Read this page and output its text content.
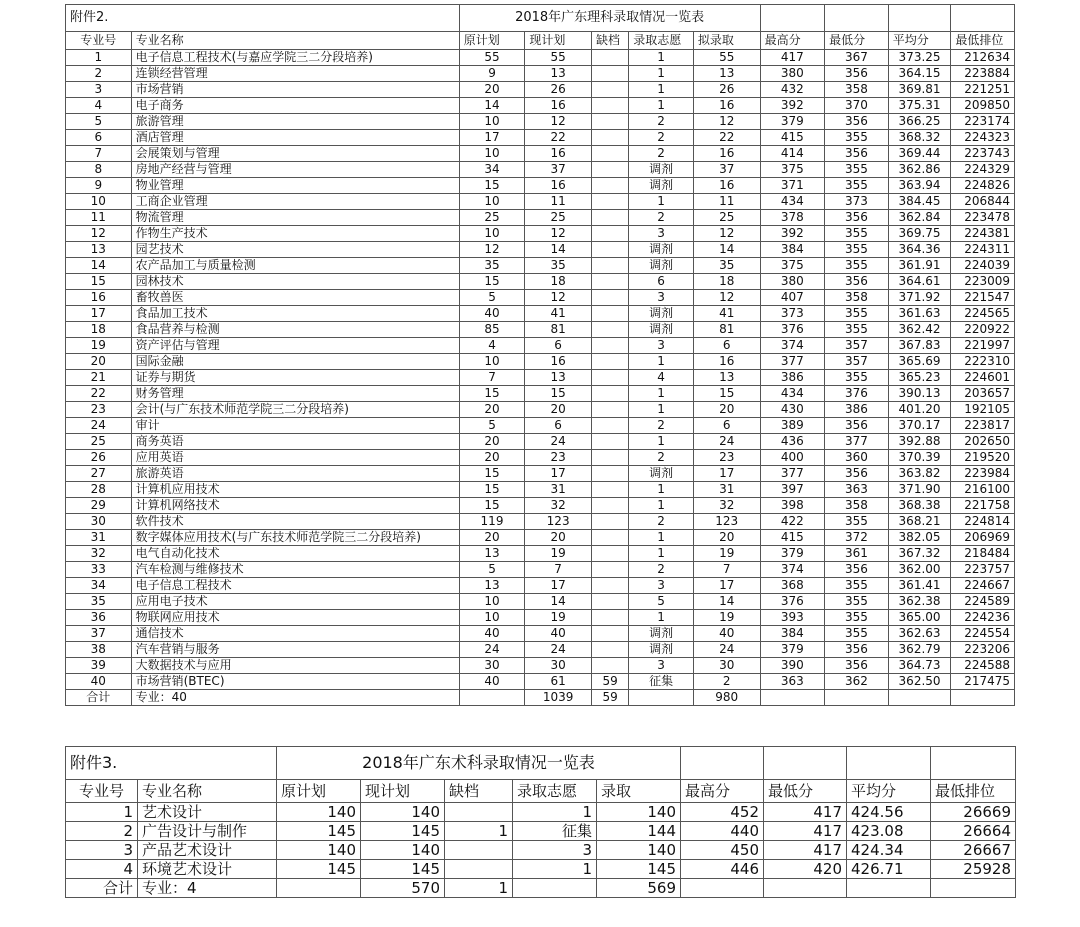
附件2.		2018年广东理科录取情况一览表								
专业号	专业名称	原计划	现计划	缺档	录取志愿	拟录取	最高分	最低分	平均分	最低排位
1	电子信息工程技术(与嘉应学院三二分段培养)	55	55		1	55	417	367	373.25	212634
2	连锁经营管理	9	13		1	13	380	356	364.15	223884
3	市场营销	20	26		1	26	432	358	369.81	221251
4	电子商务	14	16		1	16	392	370	375.31	209850
5	旅游管理	10	12		2	12	379	356	366.25	223174
6	酒店管理	17	22		2	22	415	355	368.32	224323
7	会展策划与管理	10	16		2	16	414	356	369.44	223743
8	房地产经营与管理	34	37		调剂	37	375	355	362.86	224329
9	物业管理	15	16		调剂	16	371	355	363.94	224826
10	工商企业管理	10	11		1	11	434	373	384.45	206844
11	物流管理	25	25		2	25	378	356	362.84	223478
12	作物生产技术	10	12		3	12	392	355	369.75	224381
13	园艺技术	12	14		调剂	14	384	355	364.36	224311
14	农产品加工与质量检测	35	35		调剂	35	375	355	361.91	224039
15	园林技术	15	18		6	18	380	356	364.61	223009
16	畜牧兽医	5	12		3	12	407	358	371.92	221547
17	食品加工技术	40	41		调剂	41	373	355	361.63	224565
18	食品营养与检测	85	81		调剂	81	376	355	362.42	220922
19	资产评估与管理	4	6		3	6	374	357	367.83	221997
20	国际金融	10	16		1	16	377	357	365.69	222310
21	证券与期货	7	13		4	13	386	355	365.23	224601
22	财务管理	15	15		1	15	434	376	390.13	203657
23	会计(与广东技术师范学院三二分段培养)	20	20		1	20	430	386	401.20	192105
24	审计	5	6		2	6	389	356	370.17	223817
25	商务英语	20	24		1	24	436	377	392.88	202650
26	应用英语	20	23		2	23	400	360	370.39	219520
27	旅游英语	15	17		调剂	17	377	356	363.82	223984
28	计算机应用技术	15	31		1	31	397	363	371.90	216100
29	计算机网络技术	15	32		1	32	398	358	368.38	221758
30	软件技术	119	123		2	123	422	355	368.21	224814
31	数字媒体应用技术(与广东技术师范学院三二分段培养)	20	20		1	20	415	372	382.05	206969
32	电气自动化技术	13	19		1	19	379	361	367.32	218484
33	汽车检测与维修技术	5	7		2	7	374	356	362.00	223757
34	电子信息工程技术	13	17		3	17	368	355	361.41	224667
35	应用电子技术	10	14		5	14	376	355	362.38	224589
36	物联网应用技术	10	19		1	19	393	355	365.00	224236
37	通信技术	40	40		调剂	40	384	355	362.63	224554
38	汽车营销与服务	24	24		调剂	24	379	356	362.79	223206
39	大数据技术与应用	30	30		3	30	390	356	364.73	224588
40	市场营销(BTEC)	40	61	59	征集	2	363	362	362.50	217475
合计	专业：40		1039	59		980				
附件3.		2018年广东术科录取情况一览表								
专业号	专业名称	原计划	现计划	缺档	录取志愿	录取	最高分	最低分	平均分	最低排位
1	艺术设计	140	140		1	140	452	417	424.56	26669
2	广告设计与制作	145	145	1	征集	144	440	417	423.08	26664
3	产品艺术设计	140	140		3	140	450	417	424.34	26667
4	环境艺术设计	145	145		1	145	446	420	426.71	25928
合计	专业：4		570	1		569				
